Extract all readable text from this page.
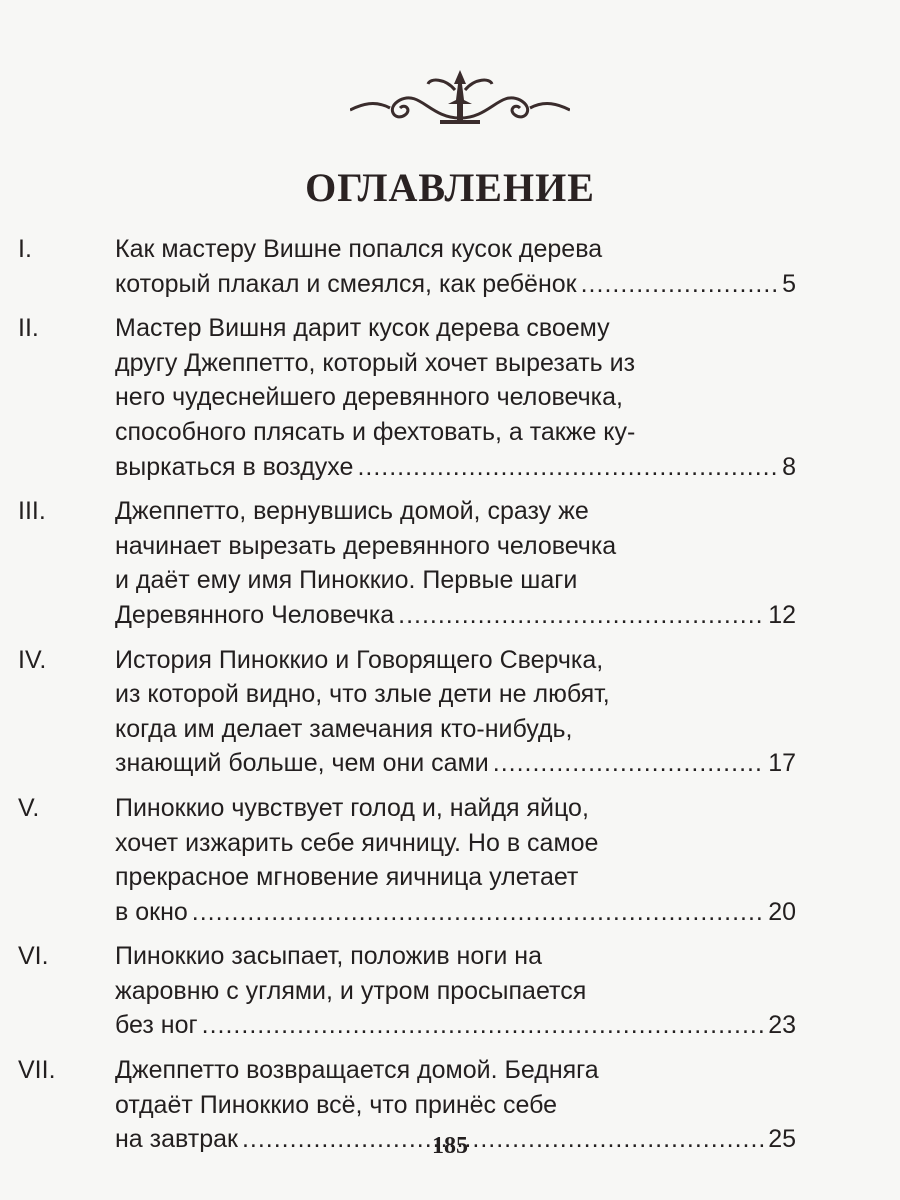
ОГЛАВЛЕНИЕ
I.	Как мастеру Вишне попался кусок дерева
который плакал и смеялся, как ребёнок .....	5
II.	Мастер Вишня дарит кусок дерева своему
другу Джеппетто, который хочет вырезать из
него чудеснейшего деревянного человечка,
способного плясать и фехтовать, а также ку-
выркаться в воздухе .....	8
III.	Джеппетто, вернувшись домой, сразу же
начинает вырезать деревянного человечка
и даёт ему имя Пиноккио. Первые шаги
Деревянного Человечка .....	12
IV.	История Пиноккио и Говорящего Сверчка,
из которой видно, что злые дети не любят,
когда им делает замечания кто-нибудь,
знающий больше, чем они сами .....	17
V.	Пиноккио чувствует голод и, найдя яйцо,
хочет изжарить себе яичницу. Но в самое
прекрасное мгновение яичница улетает
в окно .....	20
VI.	Пиноккио засыпает, положив ноги на
жаровню с углями, и утром просыпается
без ног .....	23
VII. Джеппетто возвращается домой. Бедняга
отдаёт Пиноккио всё, что принёс себе
на завтрак .....	25
185
